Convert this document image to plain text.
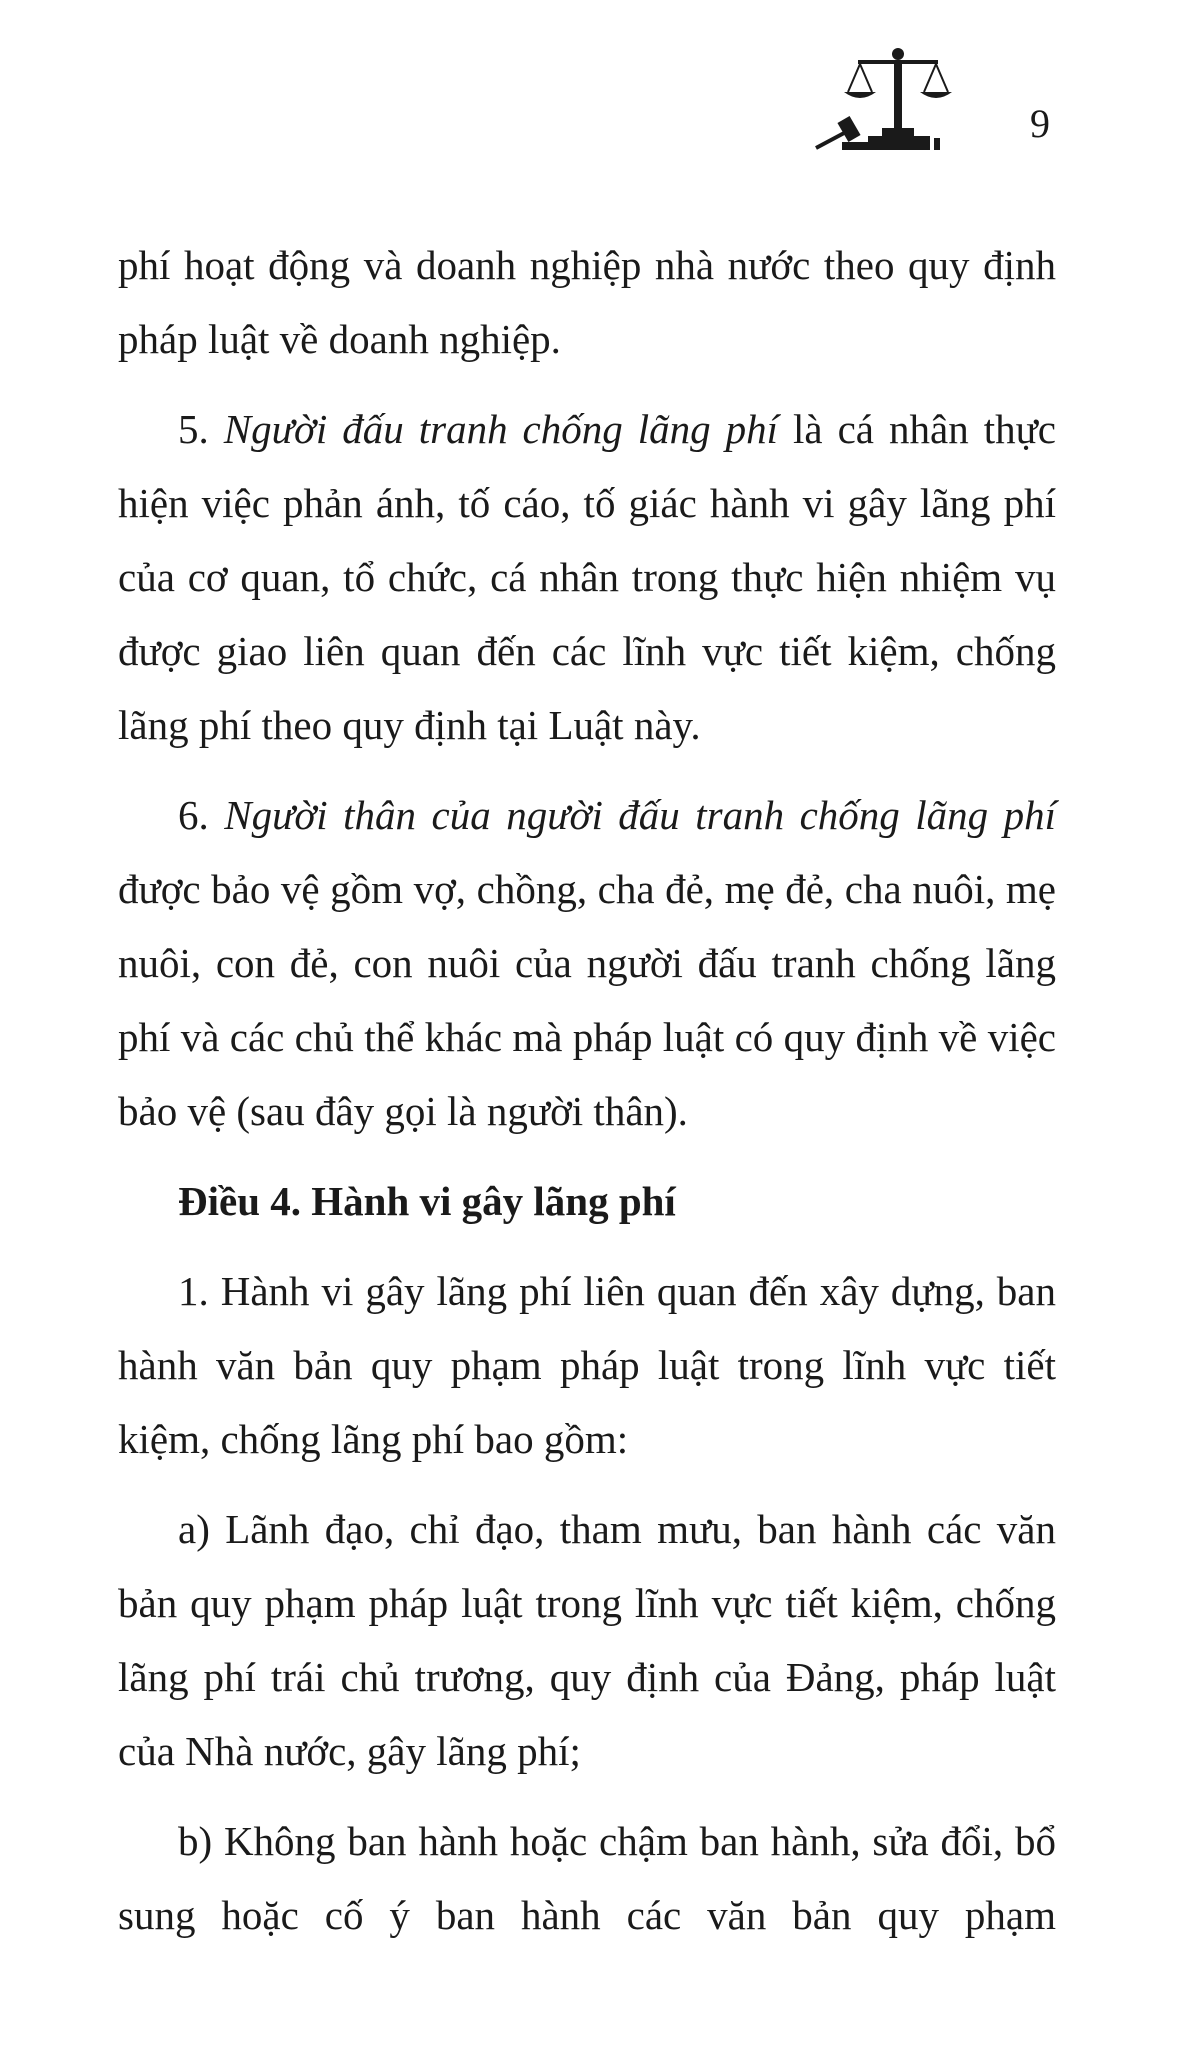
9

phí hoạt động và doanh nghiệp nhà nước theo quy định pháp luật về doanh nghiệp.

5. Người đấu tranh chống lãng phí là cá nhân thực hiện việc phản ánh, tố cáo, tố giác hành vi gây lãng phí của cơ quan, tổ chức, cá nhân trong thực hiện nhiệm vụ được giao liên quan đến các lĩnh vực tiết kiệm, chống lãng phí theo quy định tại Luật này.

6. Người thân của người đấu tranh chống lãng phí được bảo vệ gồm vợ, chồng, cha đẻ, mẹ đẻ, cha nuôi, mẹ nuôi, con đẻ, con nuôi của người đấu tranh chống lãng phí và các chủ thể khác mà pháp luật có quy định về việc bảo vệ (sau đây gọi là người thân).

Điều 4. Hành vi gây lãng phí

1. Hành vi gây lãng phí liên quan đến xây dựng, ban hành văn bản quy phạm pháp luật trong lĩnh vực tiết kiệm, chống lãng phí bao gồm:

a) Lãnh đạo, chỉ đạo, tham mưu, ban hành các văn bản quy phạm pháp luật trong lĩnh vực tiết kiệm, chống lãng phí trái chủ trương, quy định của Đảng, pháp luật của Nhà nước, gây lãng phí;

b) Không ban hành hoặc chậm ban hành, sửa đổi, bổ sung hoặc cố ý ban hành các văn bản quy phạm
